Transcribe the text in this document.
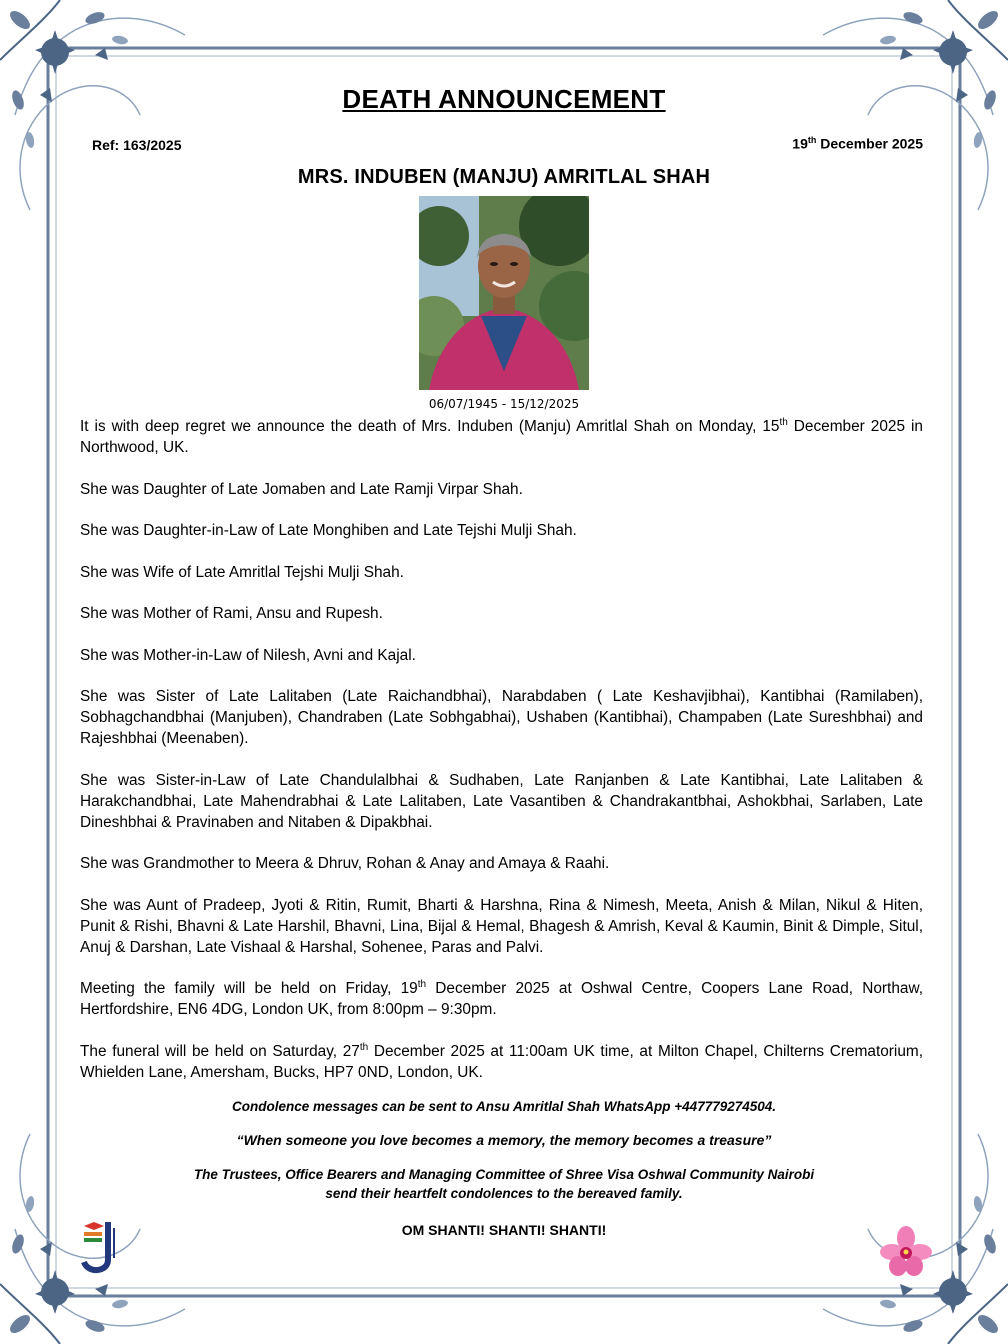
DEATH ANNOUNCEMENT
Ref: 163/2025	19th December 2025
MRS. INDUBEN (MANJU) AMRITLAL SHAH
06/07/1945 - 15/12/2025

It is with deep regret we announce the death of Mrs. Induben (Manju) Amritlal Shah on Monday, 15th December 2025 in Northwood, UK.

She was Daughter of Late Jomaben and Late Ramji Virpar Shah.

She was Daughter-in-Law of Late Monghiben and Late Tejshi Mulji Shah.

She was Wife of Late Amritlal Tejshi Mulji Shah.

She was Mother of Rami, Ansu and Rupesh.

She was Mother-in-Law of Nilesh, Avni and Kajal.

She was Sister of Late Lalitaben (Late Raichandbhai), Narabdaben ( Late Keshavjibhai), Kantibhai (Ramilaben), Sobhagchandbhai (Manjuben), Chandraben (Late Sobhgabhai), Ushaben (Kantibhai), Champaben (Late Sureshbhai) and Rajeshbhai (Meenaben).

She was Sister-in-Law of Late Chandulalbhai & Sudhaben, Late Ranjanben & Late Kantibhai, Late Lalitaben & Harakchandbhai, Late Mahendrabhai & Late Lalitaben, Late Vasantiben & Chandrakantbhai, Ashokbhai, Sarlaben, Late Dineshbhai & Pravinaben and Nitaben & Dipakbhai.

She was Grandmother to Meera & Dhruv, Rohan & Anay and Amaya & Raahi.

She was Aunt of Pradeep, Jyoti & Ritin, Rumit, Bharti & Harshna, Rina & Nimesh, Meeta, Anish & Milan, Nikul & Hiten, Punit & Rishi, Bhavni & Late Harshil, Bhavni, Lina, Bijal & Hemal, Bhagesh & Amrish, Keval & Kaumin, Binit & Dimple, Situl, Anuj & Darshan, Late Vishaal & Harshal, Sohenee, Paras and Palvi.

Meeting the family will be held on Friday, 19th December 2025 at Oshwal Centre, Coopers Lane Road, Northaw, Hertfordshire, EN6 4DG, London UK, from 8:00pm – 9:30pm.

The funeral will be held on Saturday, 27th December 2025 at 11:00am UK time, at Milton Chapel, Chilterns Crematorium, Whielden Lane, Amersham, Bucks, HP7 0ND, London, UK.

Condolence messages can be sent to Ansu Amritlal Shah WhatsApp +447779274504.
“When someone you love becomes a memory, the memory becomes a treasure”
The Trustees, Office Bearers and Managing Committee of Shree Visa Oshwal Community Nairobi
send their heartfelt condolences to the bereaved family.
OM SHANTI! SHANTI! SHANTI!
